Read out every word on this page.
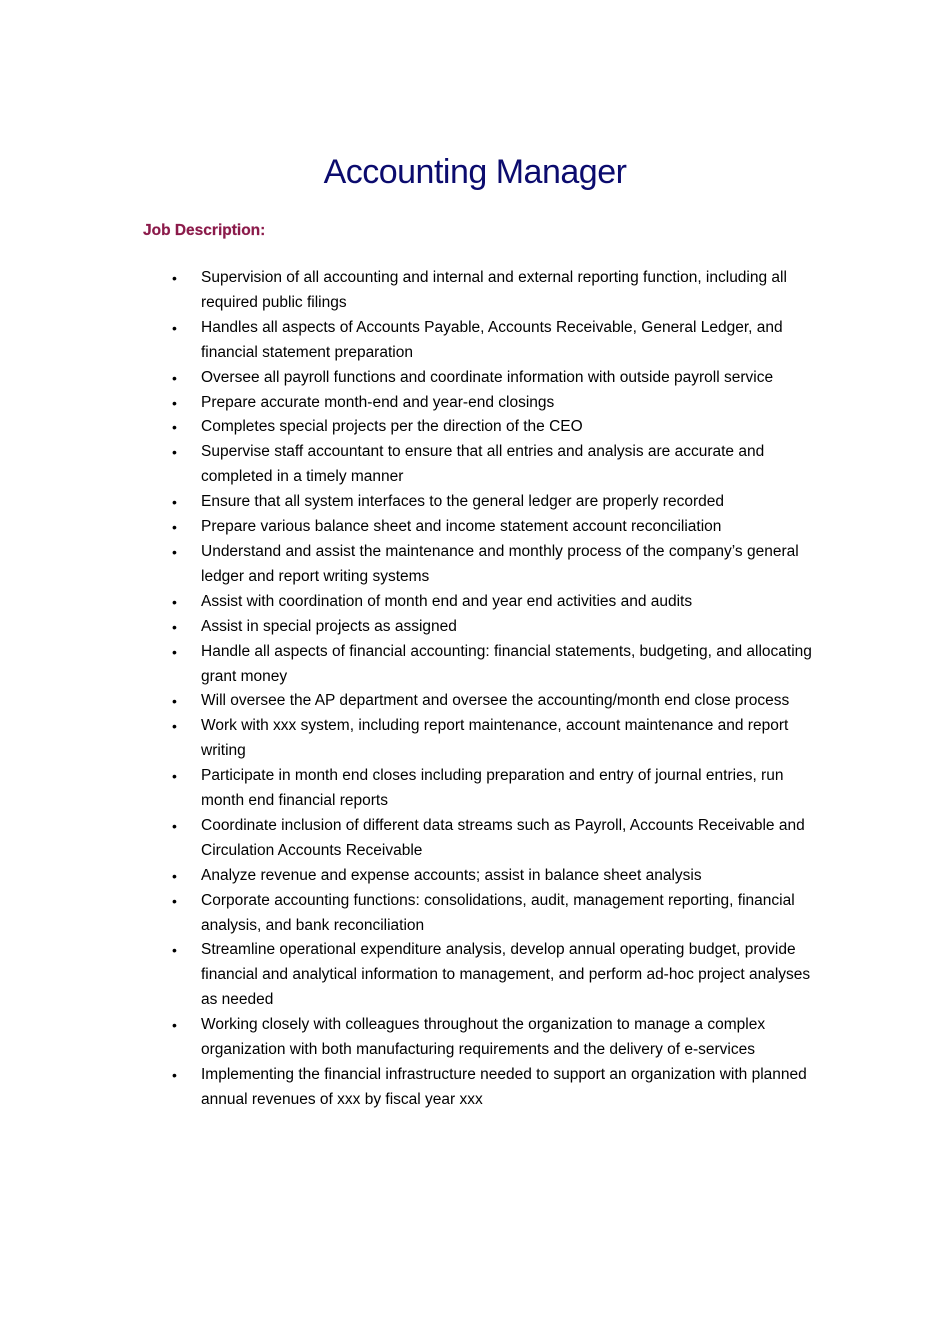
Accounting Manager
Job Description:
•	Supervision of all accounting and internal and external reporting function, including all required public filings
•	Handles all aspects of Accounts Payable, Accounts Receivable, General Ledger, and financial statement preparation
•	Oversee all payroll functions and coordinate information with outside payroll service
•	Prepare accurate month-end and year-end closings
•	Completes special projects per the direction of the CEO
•	Supervise staff accountant to ensure that all entries and analysis are accurate and completed in a timely manner
•	Ensure that all system interfaces to the general ledger are properly recorded
•	Prepare various balance sheet and income statement account reconciliation
•	Understand and assist the maintenance and monthly process of the company’s general ledger and report writing systems
•	Assist with coordination of month end and year end activities and audits
•	Assist in special projects as assigned
•	Handle all aspects of financial accounting: financial statements, budgeting, and allocating grant money
•	Will oversee the AP department and oversee the accounting/month end close process
•	Work with xxx system, including report maintenance, account maintenance and report writing
•	Participate in month end closes including preparation and entry of journal entries, run month end financial reports
•	Coordinate inclusion of different data streams such as Payroll, Accounts Receivable and Circulation Accounts Receivable
•	Analyze revenue and expense accounts; assist in balance sheet analysis
•	Corporate accounting functions: consolidations, audit, management reporting, financial analysis, and bank reconciliation
•	Streamline operational expenditure analysis, develop annual operating budget, provide financial and analytical information to management, and perform ad-hoc project analyses as needed
•	Working closely with colleagues throughout the organization to manage a complex organization with both manufacturing requirements and the delivery of e-services
•	Implementing the financial infrastructure needed to support an organization with planned annual revenues of xxx by fiscal year xxx
